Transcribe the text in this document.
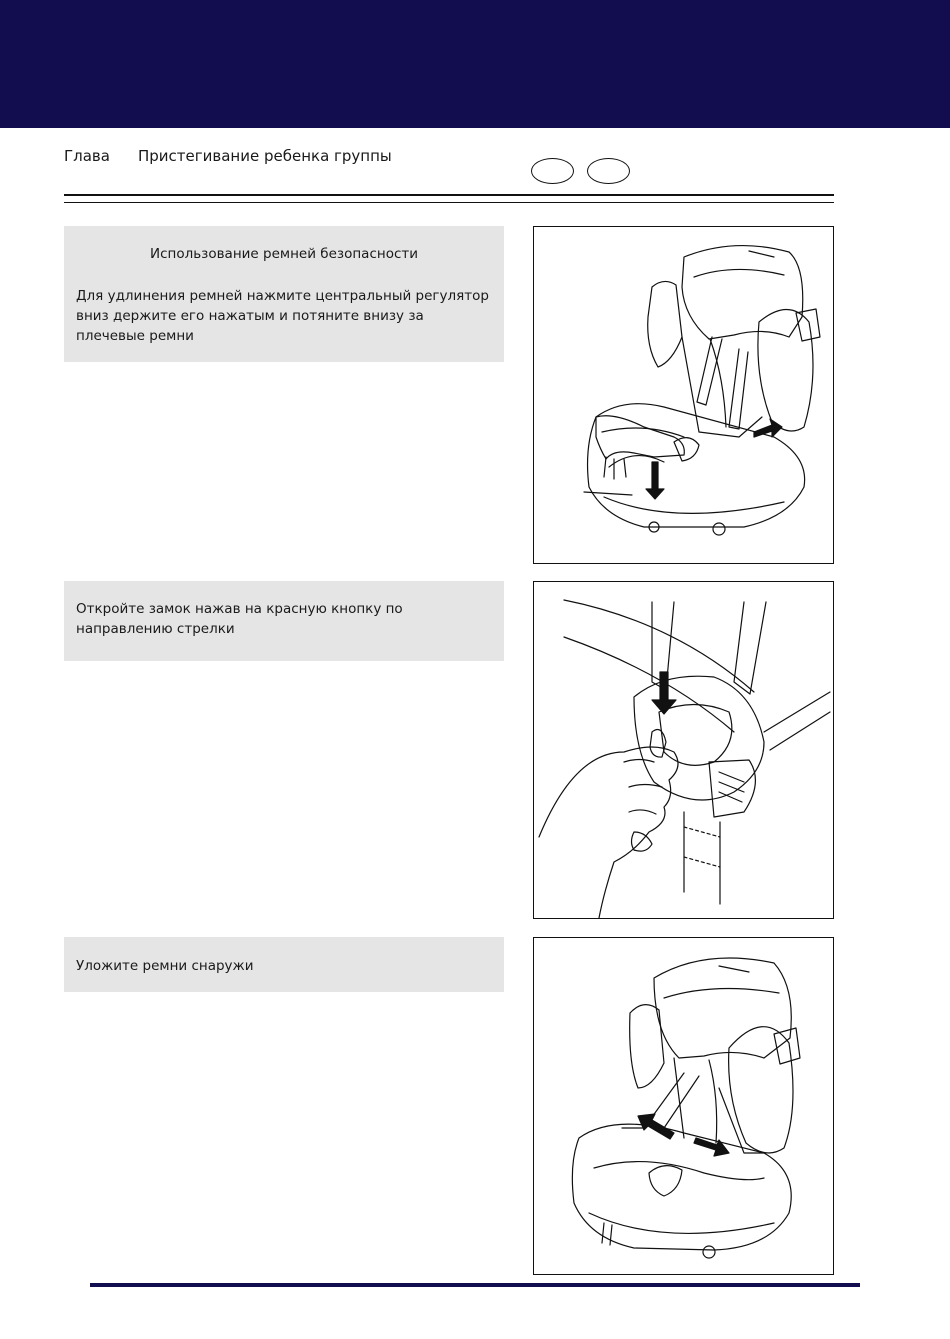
Глава Пристегивание ребенка группы
Использование ремней безопасности
Для удлинения ремней нажмите центральный регулятор вниз держите его нажатым и потяните внизу за плечевые ремни
Откройте замок нажав на красную кнопку по направлению стрелки
Уложите ремни снаружи
